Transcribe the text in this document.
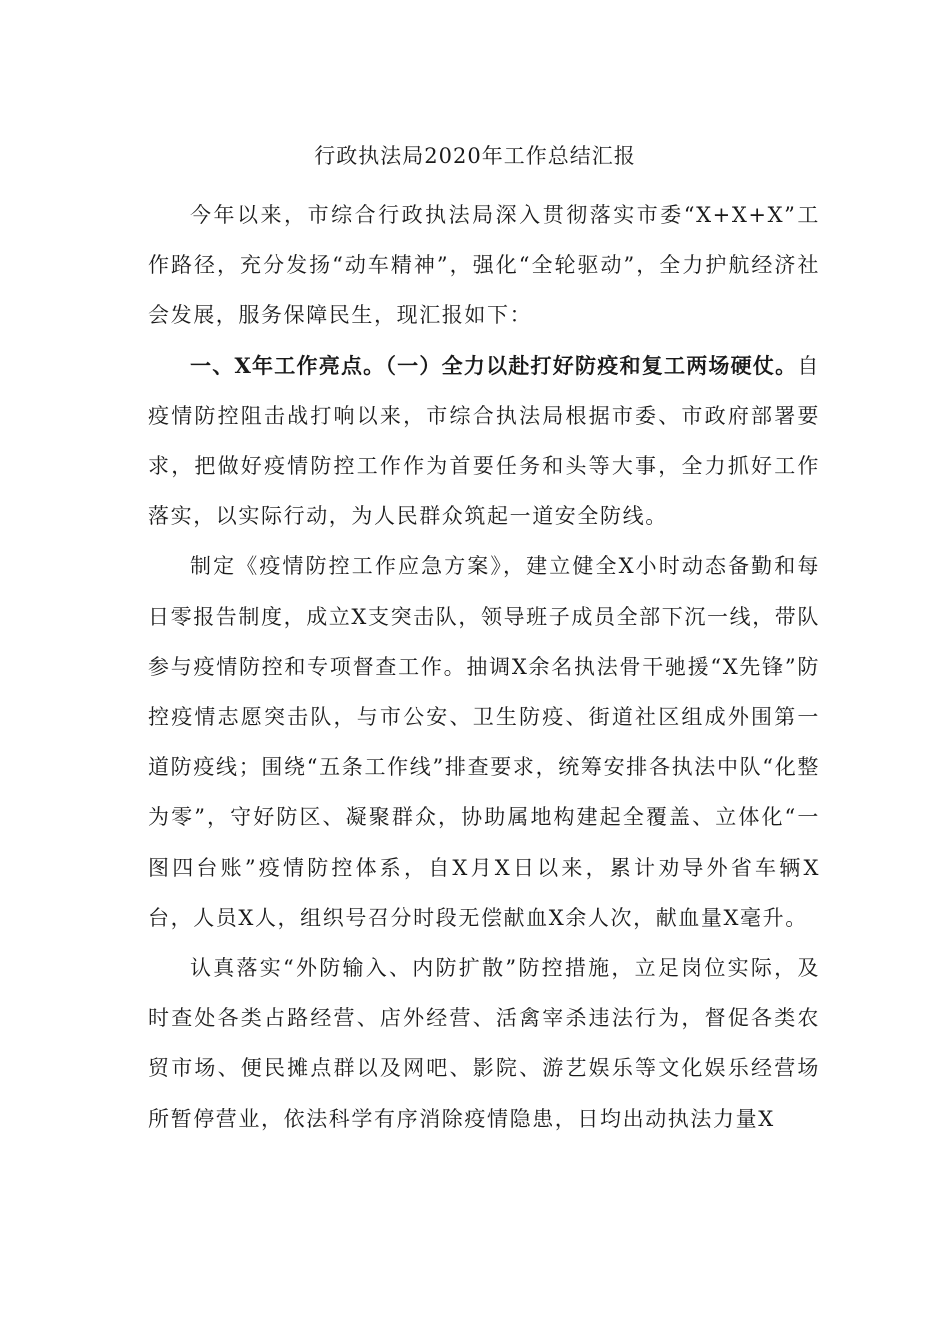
行政执法局2020年工作总结汇报

今年以来，市综合行政执法局深入贯彻落实市委“X+X+X”工作路径，充分发扬“动车精神”，强化“全轮驱动”，全力护航经济社会发展，服务保障民生，现汇报如下：

一、X年工作亮点。（一）全力以赴打好防疫和复工两场硬仗。自疫情防控阻击战打响以来，市综合执法局根据市委、市政府部署要求，把做好疫情防控工作作为首要任务和头等大事，全力抓好工作落实，以实际行动，为人民群众筑起一道安全防线。

制定《疫情防控工作应急方案》，建立健全X小时动态备勤和每日零报告制度，成立X支突击队，领导班子成员全部下沉一线，带队参与疫情防控和专项督查工作。抽调X余名执法骨干驰援“X先锋”防控疫情志愿突击队，与市公安、卫生防疫、街道社区组成外围第一道防疫线；围绕“五条工作线”排查要求，统筹安排各执法中队“化整为零”，守好防区、凝聚群众，协助属地构建起全覆盖、立体化“一图四台账”疫情防控体系，自X月X日以来，累计劝导外省车辆X台，人员X人，组织号召分时段无偿献血X余人次，献血量X毫升。

认真落实“外防输入、内防扩散”防控措施，立足岗位实际，及时查处各类占路经营、店外经营、活禽宰杀违法行为，督促各类农贸市场、便民摊点群以及网吧、影院、游艺娱乐等文化娱乐经营场所暂停营业，依法科学有序消除疫情隐患，日均出动执法力量X
